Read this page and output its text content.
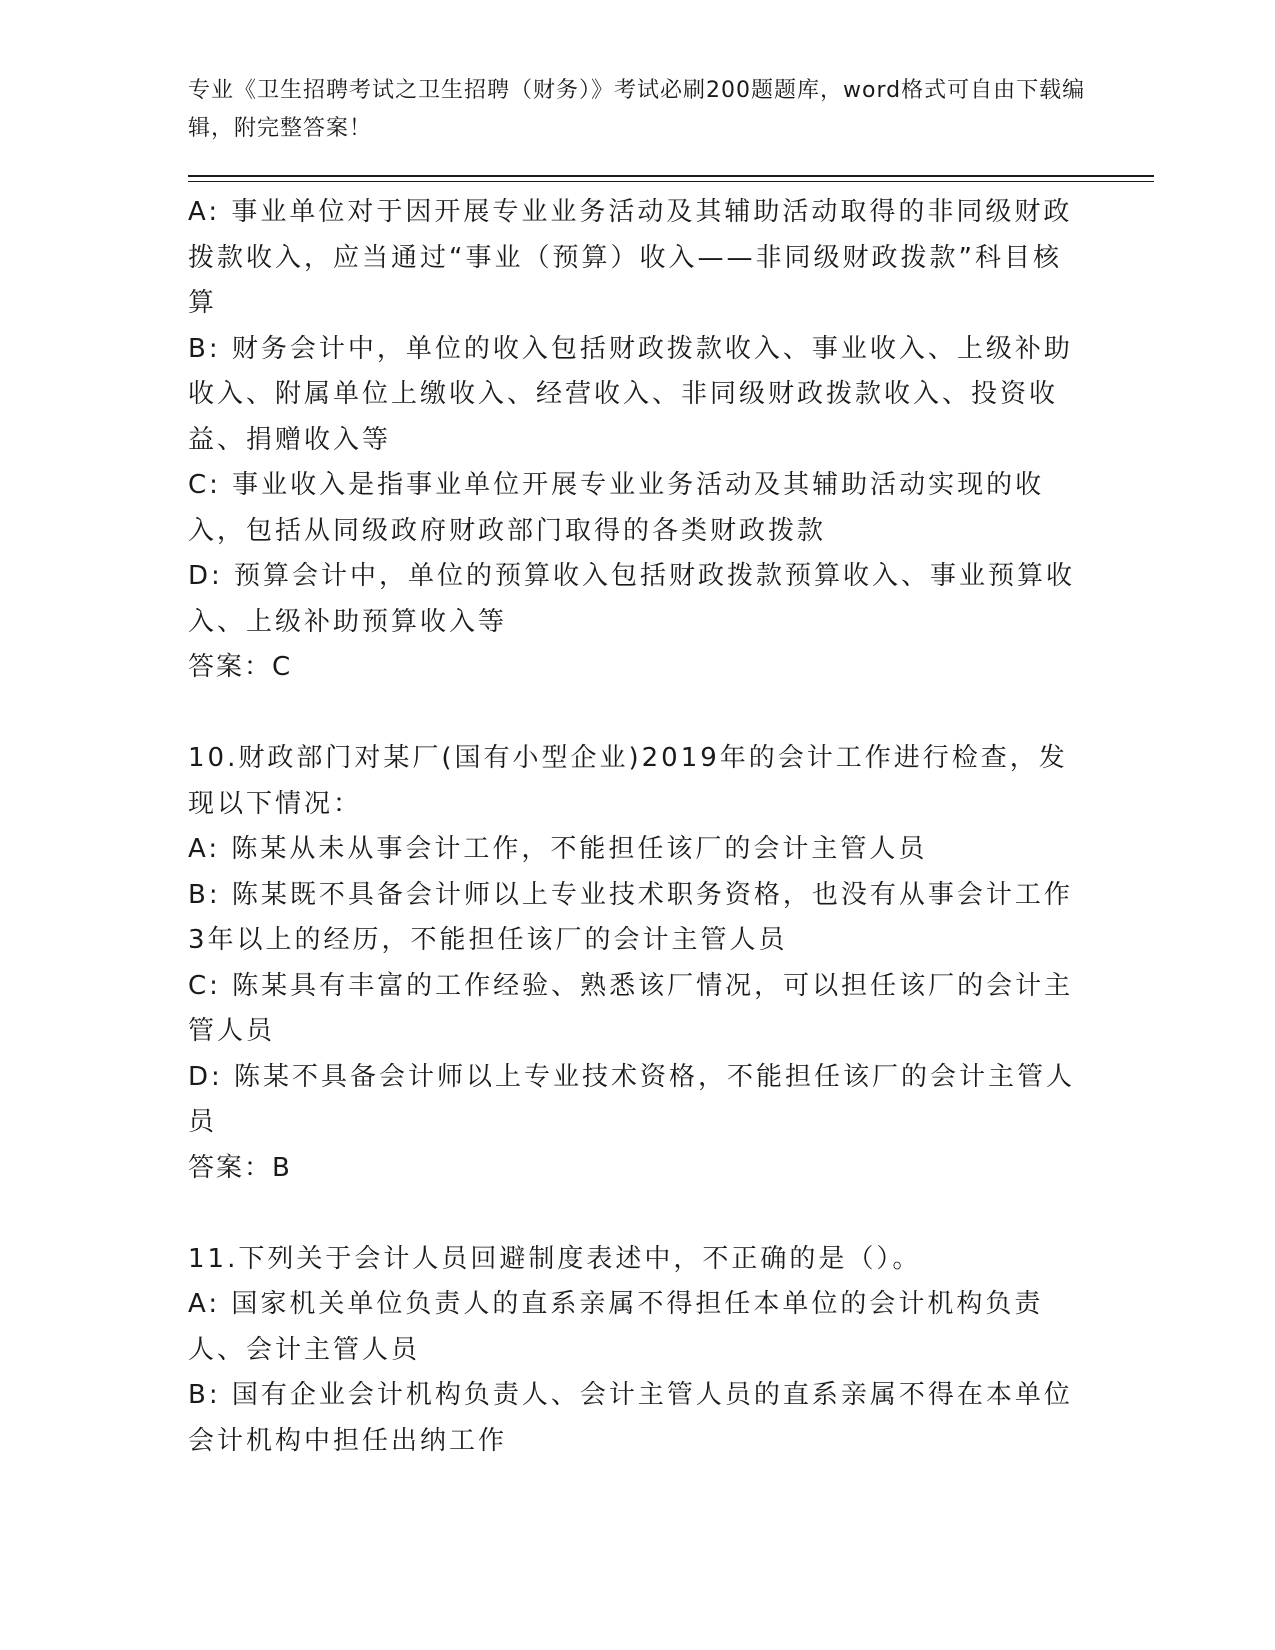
专业《卫生招聘考试之卫生招聘（财务）》考试必刷200题题库，word格式可自由下载编辑，附完整答案！

A: 事业单位对于因开展专业业务活动及其辅助活动取得的非同级财政拨款收入，应当通过“事业（预算）收入——非同级财政拨款”科目核算

B: 财务会计中，单位的收入包括财政拨款收入、事业收入、上级补助收入、附属单位上缴收入、经营收入、非同级财政拨款收入、投资收益、捐赠收入等

C: 事业收入是指事业单位开展专业业务活动及其辅助活动实现的收入，包括从同级政府财政部门取得的各类财政拨款

D: 预算会计中，单位的预算收入包括财政拨款预算收入、事业预算收入、上级补助预算收入等

答案：C

10.财政部门对某厂(国有小型企业)2019年的会计工作进行检查，发现以下情况：

A: 陈某从未从事会计工作，不能担任该厂的会计主管人员

B: 陈某既不具备会计师以上专业技术职务资格，也没有从事会计工作3年以上的经历，不能担任该厂的会计主管人员

C: 陈某具有丰富的工作经验、熟悉该厂情况，可以担任该厂的会计主管人员

D: 陈某不具备会计师以上专业技术资格，不能担任该厂的会计主管人员

答案：B

11.下列关于会计人员回避制度表述中，不正确的是（）。

A: 国家机关单位负责人的直系亲属不得担任本单位的会计机构负责人、会计主管人员

B: 国有企业会计机构负责人、会计主管人员的直系亲属不得在本单位会计机构中担任出纳工作
